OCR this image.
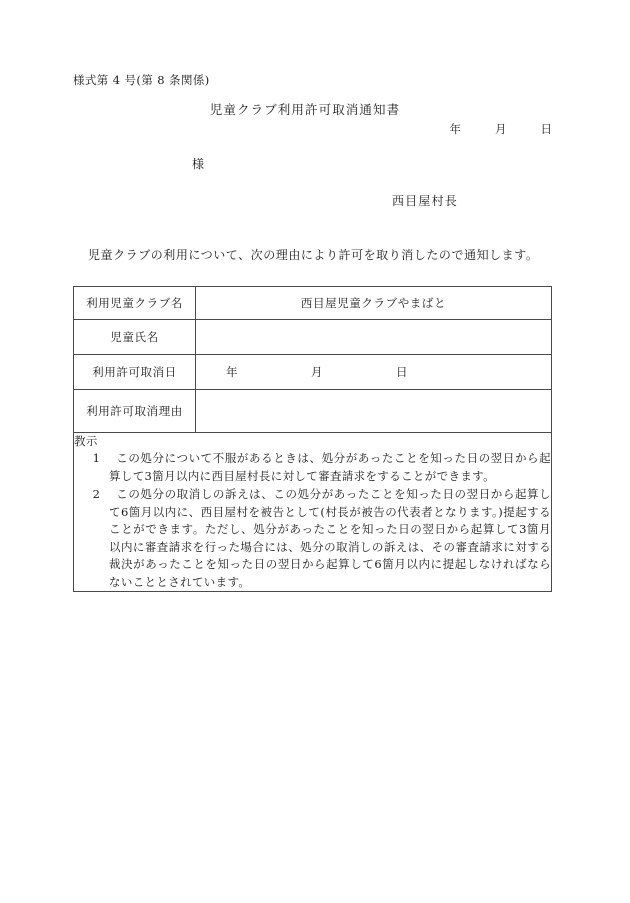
様式第 4 号(第 8 条関係)
児童クラブ利用許可取消通知書
年	月	日
様
西目屋村長
児童クラブの利用について、次の理由により許可を取り消したので通知します。
利用児童クラブ名	西目屋児童クラブやまばと
児童氏名	
利用許可取消日	年 月 日

利用許可取消理由	

教示
1 この処分について不服があるときは、処分があったことを知った日の翌日から起算して3箇月以内に西目屋村長に対して審査請求をすることができます。
2 この処分の取消しの訴えは、この処分があったことを知った日の翌日から起算して6箇月以内に、西目屋村を被告として(村長が被告の代表者となります。)提起することができます。ただし、処分があったことを知った日の翌日から起算して3箇月以内に審査請求を行った場合には、処分の取消しの訴えは、その審査請求に対する裁決があったことを知った日の翌日から起算して6箇月以内に提起しなければならないこととされています。	
